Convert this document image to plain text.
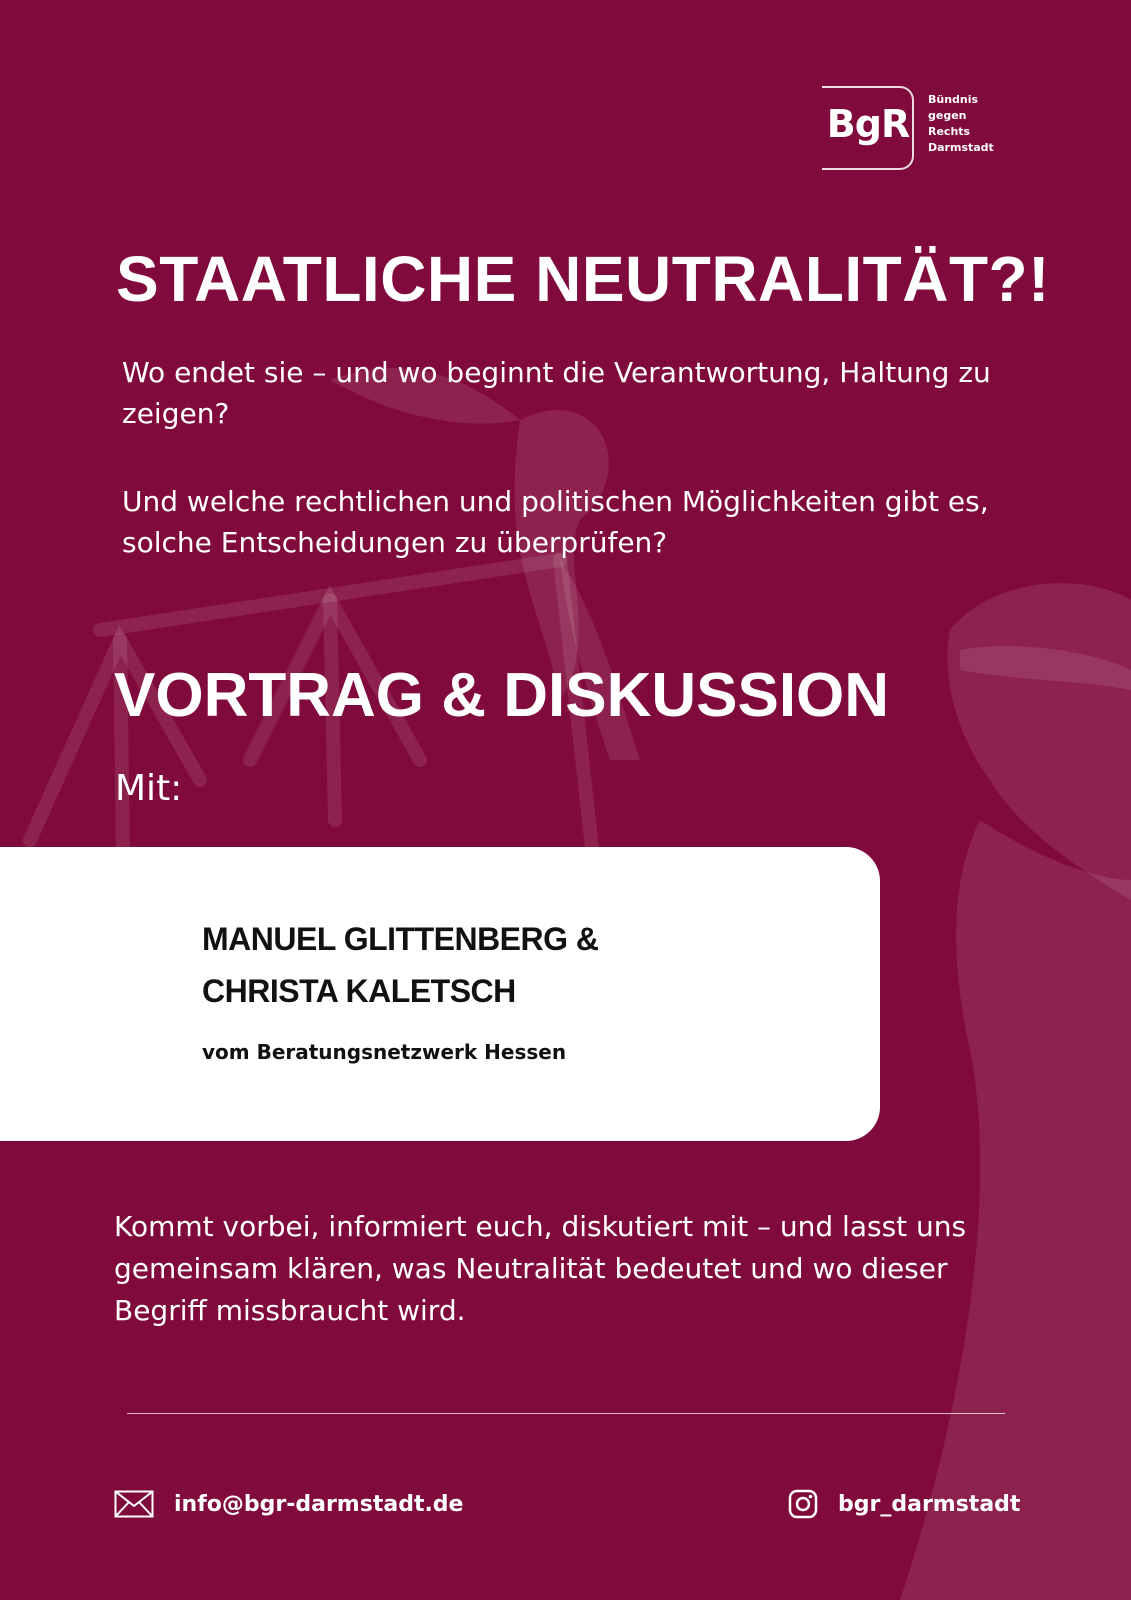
BgR
Bündnis
gegen
Rechts
Darmstadt
STAATLICHE NEUTRALITÄT?!
Wo endet sie – und wo beginnt die Verantwortung, Haltung zu zeigen?
Und welche rechtlichen und politischen Möglichkeiten gibt es, solche Entscheidungen zu überprüfen?
VORTRAG & DISKUSSION
Mit:
MANUEL GLITTENBERG &
CHRISTA KALETSCH
vom Beratungsnetzwerk Hessen
Kommt vorbei, informiert euch, diskutiert mit – und lasst uns gemeinsam klären, was Neutralität bedeutet und wo dieser Begriff missbraucht wird.
info@bgr-darmstadt.de	bgr_darmstadt
